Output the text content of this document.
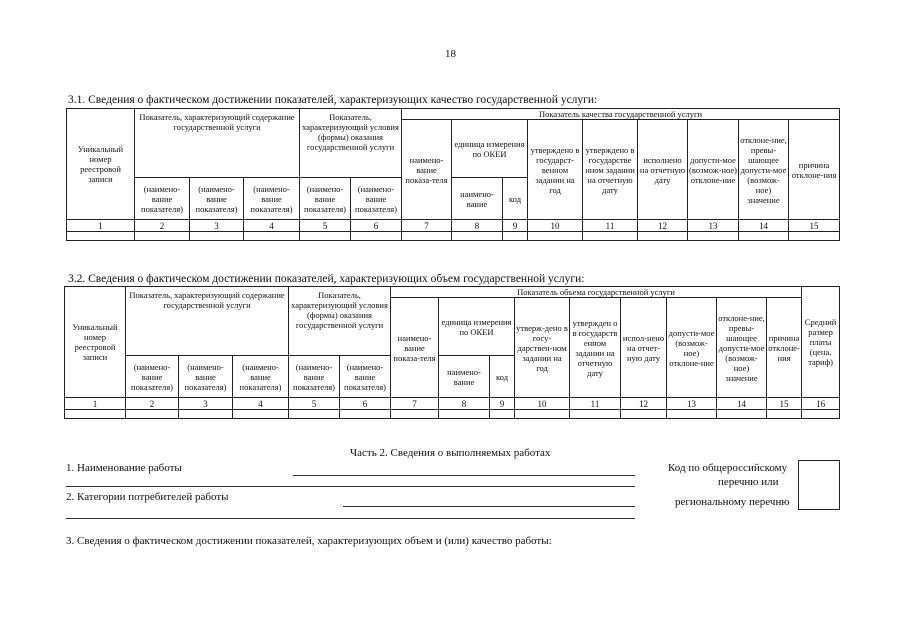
18
3.1. Сведения о фактическом достижении показателей, характеризующих качество государственной услуги:
Уникальный номер реестровой записи	Показатель, характеризующий содержание государственной услуги			Показатель, характеризующий условия (формы) оказания государственной услуги		Показатель качества государственной услуги								
						наимено-вание показа-теля	единица измерения по ОКЕИ		утверждено в государст-венном задании на год	утверждено в государстве нном задании на отчетную дату	исполнено на отчетную дату	допусти-мое (возмож-ное) отклоне-ние	отклоне-ние, превы-шающее допусти-мое (возмож-ное) значение	причина отклоне-ния
	(наимено-вание показателя)	(наимено-вание показателя)	(наимено-вание показателя)	(наимено-вание показателя)	(наимено-вание показателя)		наимено-вание	код						
1	2	3	4	5	6	7	8	9	10	11	12	13	14	15

3.2. Сведения о фактическом достижении показателей, характеризующих объем государственной услуги:
Уникальный номер реестровой записи	Показатель, характеризующий содержание государственной услуги			Показатель, характеризующий условия (формы) оказания государственной услуги		Показатель объема государственной услуги									Средний размер платы (цена, тариф)
						наимено-вание показа-теля	единица измерения по ОКЕИ		утверж-дено в госу-дарствен-ном задании на год	утвержден о в государств енном задании на отчетную дату	испол-нено на отчет-ную дату	допусти-мое (возмож-ное) отклоне-ние	отклоне-ние, превы-шающее допусти-мое (возмож-ное) значение	причина отклоне-ния	
	(наимено-вание показателя)	(наимено-вание показателя)	(наимено-вание показателя)	(наимено-вание показателя)	(наимено-вание показателя)		наимено-вание	код							
1	2	3	4	5	6	7	8	9	10	11	12	13	14	15	16

Часть 2. Сведения о выполняемых работах
1. Наименование работы
2. Категории потребителей работы
Код по общероссийскому
перечню или
региональному перечню
3. Сведения о фактическом достижении показателей, характеризующих объем и (или) качество работы:
